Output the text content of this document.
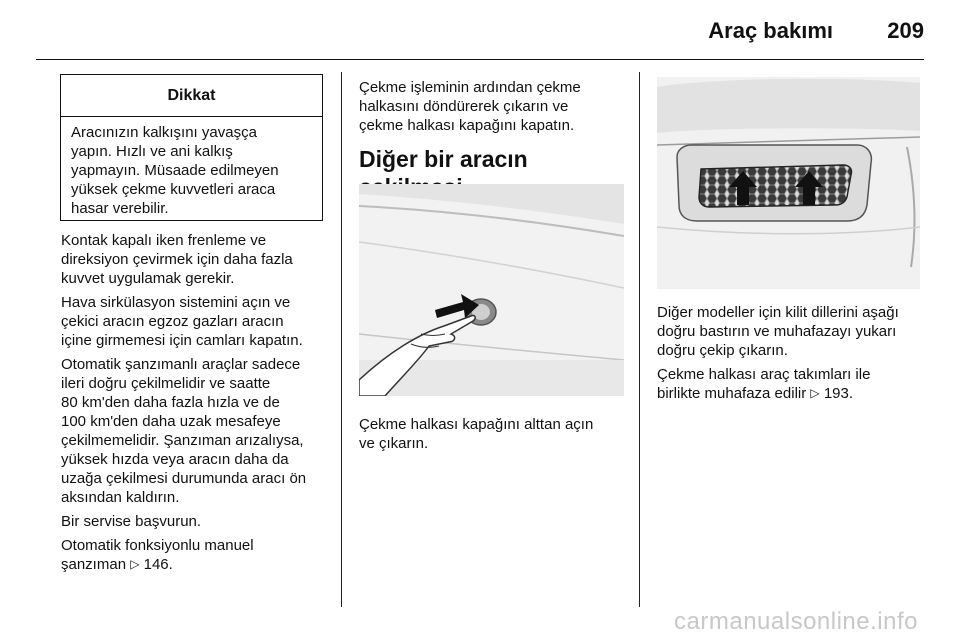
Araç bakımı 209
Dikkat
Aracınızın kalkışını yavaşça
yapın. Hızlı ve ani kalkış
yapmayın. Müsaade edilmeyen
yüksek çekme kuvvetleri araca
hasar verebilir.

Kontak kapalı iken frenleme ve
direksiyon çevirmek için daha fazla
kuvvet uygulamak gerekir.

Hava sirkülasyon sistemini açın ve
çekici aracın egzoz gazları aracın
içine girmemesi için camları kapatın.

Otomatik şanzımanlı araçlar sadece
ileri doğru çekilmelidir ve saatte
80 km'den daha fazla hızla ve de
100 km'den daha uzak mesafeye
çekilmemelidir. Şanzıman arızalıysa,
yüksek hızda veya aracın daha da
uzağa çekilmesi durumunda aracı ön
aksından kaldırın.

Bir servise başvurun.

Otomatik fonksiyonlu manuel
şanzıman ▷ 146.

Çekme işleminin ardından çekme
halkasını döndürerek çıkarın ve
çekme halkası kapağını kapatın.

Diğer bir aracın
Çekme halkası kapağını alttan açın
ve çıkarın.

Diğer modeller için kilit dillerini aşağı
doğru bastırın ve muhafazayı yukarı
doğru çekip çıkarın.

Çekme halkası araç takımları ile
birlikte muhafaza edilir ▷ 193.

carmanualsonline.info
